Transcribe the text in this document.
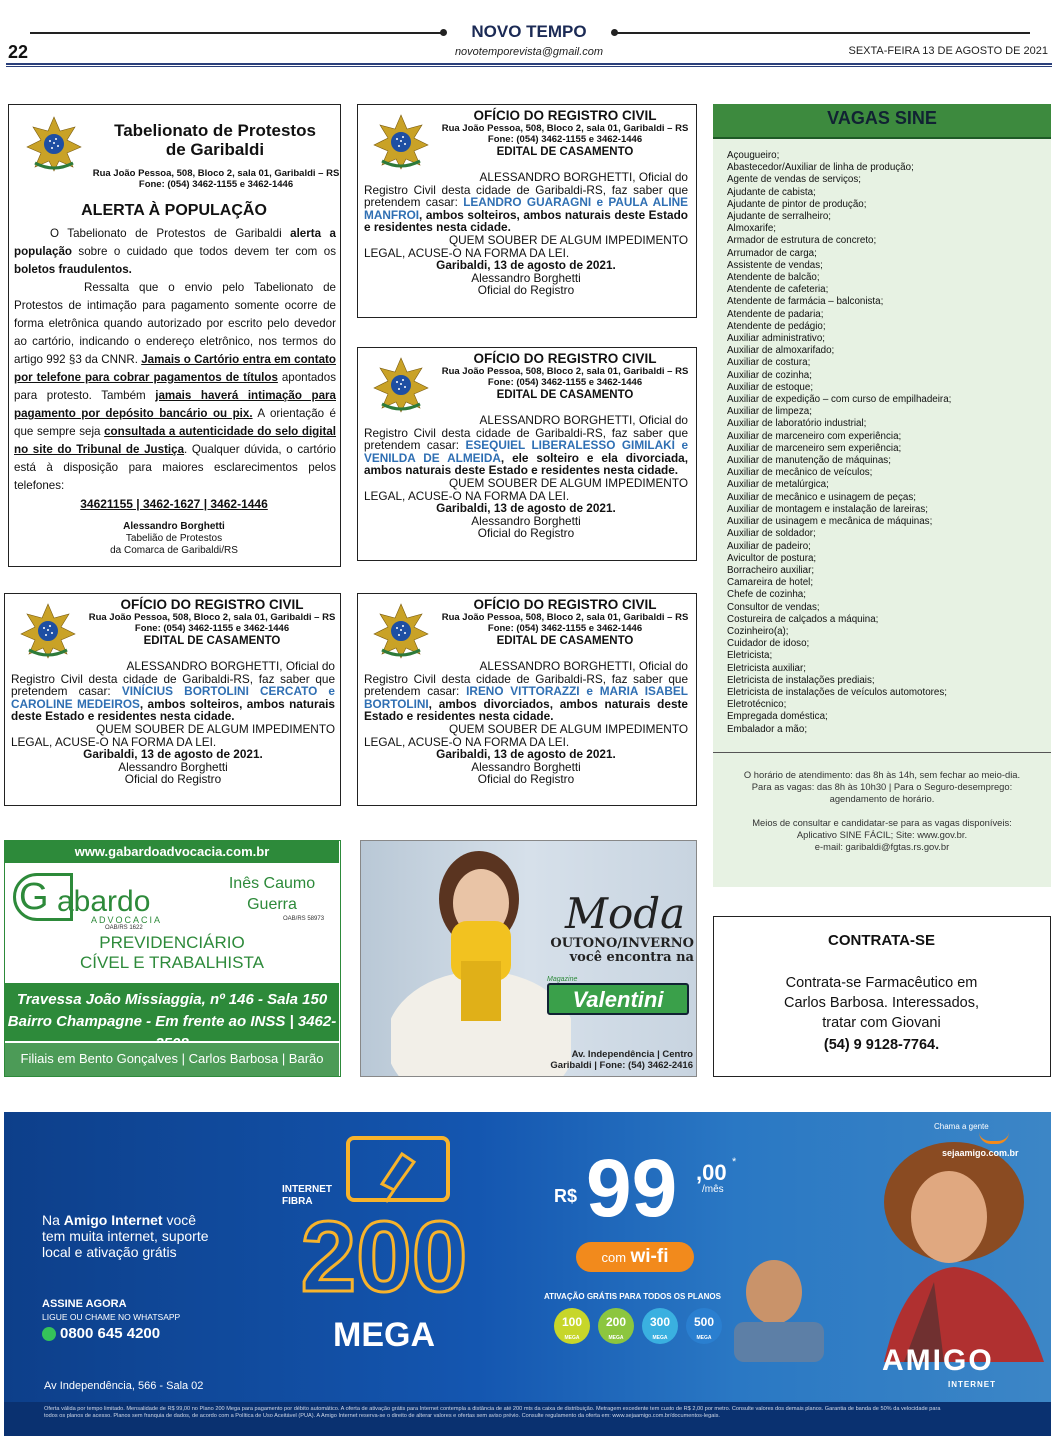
NOVO TEMPO
novotemporevista@gmail.com
22	SEXTA-FEIRA 13 DE AGOSTO DE 2021
Tabelionato de Protestos
de Garibaldi
Rua João Pessoa, 508, Bloco 2, sala 01, Garibaldi – RS
Fone: (054) 3462-1155 e 3462-1446
ALERTA À POPULAÇÃO

O Tabelionato de Protestos de Garibaldi alerta a população sobre o cuidado que todos devem ter com os boletos fraudulentos.

Ressalta que o envio pelo Tabelionato de Protestos de intimação para pagamento somente ocorre de forma eletrônica quando autorizado por escrito pelo devedor ao cartório, indicando o endereço eletrônico, nos termos do artigo 992 §3 da CNNR. Jamais o Cartório entra em contato por telefone para cobrar pagamentos de títulos apontados para protesto. Também jamais haverá intimação para pagamento por depósito bancário ou pix. A orientação é que sempre seja consultada a autenticidade do selo digital no site do Tribunal de Justiça. Qualquer dúvida, o cartório está à disposição para maiores esclarecimentos pelos telefones:

34621155 | 3462-1627 | 3462-1446
Alessandro Borghetti
Tabelião de Protestos
da Comarca de Garibaldi/RS
OFÍCIO DO REGISTRO CIVIL
Rua João Pessoa, 508, Bloco 2, sala 01, Garibaldi – RS
Fone: (054) 3462-1155 e 3462-1446
EDITAL DE CASAMENTO

ALESSANDRO BORGHETTI, Oficial do

Registro Civil desta cidade de Garibaldi-RS, faz saber que pretendem casar: LEANDRO GUARAGNI e PAULA ALINE MANFROI, ambos solteiros, ambos naturais deste Estado e residentes nesta cidade.

QUEM SOUBER DE ALGUM IMPEDIMENTO

LEGAL, ACUSE-O NA FORMA DA LEI.

Garibaldi, 13 de agosto de 2021.

Alessandro Borghetti

Oficial do Registro

OFÍCIO DO REGISTRO CIVIL
Rua João Pessoa, 508, Bloco 2, sala 01, Garibaldi – RS
Fone: (054) 3462-1155 e 3462-1446
EDITAL DE CASAMENTO

ALESSANDRO BORGHETTI, Oficial do

Registro Civil desta cidade de Garibaldi-RS, faz saber que pretendem casar: ESEQUIEL LIBERALESSO GIMILAKI e VENILDA DE ALMEIDA, ele solteiro e ela divorciada, ambos naturais deste Estado e residentes nesta cidade.

QUEM SOUBER DE ALGUM IMPEDIMENTO

LEGAL, ACUSE-O NA FORMA DA LEI.

Garibaldi, 13 de agosto de 2021.

Alessandro Borghetti

Oficial do Registro

OFÍCIO DO REGISTRO CIVIL
Rua João Pessoa, 508, Bloco 2, sala 01, Garibaldi – RS
Fone: (054) 3462-1155 e 3462-1446
EDITAL DE CASAMENTO

ALESSANDRO BORGHETTI, Oficial do

Registro Civil desta cidade de Garibaldi-RS, faz saber que pretendem casar: VINÍCIUS BORTOLINI CERCATO e CAROLINE MEDEIROS, ambos solteiros, ambos naturais deste Estado e residentes nesta cidade.

QUEM SOUBER DE ALGUM IMPEDIMENTO

LEGAL, ACUSE-O NA FORMA DA LEI.

Garibaldi, 13 de agosto de 2021.

Alessandro Borghetti

Oficial do Registro

OFÍCIO DO REGISTRO CIVIL
Rua João Pessoa, 508, Bloco 2, sala 01, Garibaldi – RS
Fone: (054) 3462-1155 e 3462-1446
EDITAL DE CASAMENTO

ALESSANDRO BORGHETTI, Oficial do

Registro Civil desta cidade de Garibaldi-RS, faz saber que pretendem casar: IRENO VITTORAZZI e MARIA ISABEL BORTOLINI, ambos divorciados, ambos naturais deste Estado e residentes nesta cidade.

QUEM SOUBER DE ALGUM IMPEDIMENTO

LEGAL, ACUSE-O NA FORMA DA LEI.

Garibaldi, 13 de agosto de 2021.

Alessandro Borghetti

Oficial do Registro

VAGAS SINE
Açougueiro;
Abastecedor/Auxiliar de linha de produção;
Agente de vendas de serviços;
Ajudante de cabista;
Ajudante de pintor de produção;
Ajudante de serralheiro;
Almoxarife;
Armador de estrutura de concreto;
Arrumador de carga;
Assistente de vendas;
Atendente de balcão;
Atendente de cafeteria;
Atendente de farmácia – balconista;
Atendente de padaria;
Atendente de pedágio;
Auxiliar administrativo;
Auxiliar de almoxarifado;
Auxiliar de costura;
Auxiliar de cozinha;
Auxiliar de estoque;
Auxiliar de expedição – com curso de empilhadeira;
Auxiliar de limpeza;
Auxiliar de laboratório industrial;
Auxiliar de marceneiro com experiência;
Auxiliar de marceneiro sem experiência;
Auxiliar de manutenção de máquinas;
Auxiliar de mecânico de veículos;
Auxiliar de metalúrgica;
Auxiliar de mecânico e usinagem de peças;
Auxiliar de montagem e instalação de lareiras;
Auxiliar de usinagem e mecânica de máquinas;
Auxiliar de soldador;
Auxiliar de padeiro;
Avicultor de postura;
Borracheiro auxiliar;
Camareira de hotel;
Chefe de cozinha;
Consultor de vendas;
Costureira de calçados a máquina;
Cozinheiro(a);
Cuidador de idoso;
Eletricista;
Eletricista auxiliar;
Eletricista de instalações prediais;
Eletricista de instalações de veículos automotores;
Eletrotécnico;
Empregada doméstica;
Embalador a mão;
O horário de atendimento: das 8h às 14h, sem fechar ao meio-dia.
Para as vagas: das 8h às 10h30 | Para o Seguro-desemprego:
agendamento de horário.
Meios de consultar e candidatar-se para as vagas disponíveis:
Aplicativo SINE FÁCIL; Site: www.gov.br.
e-mail: garibaldi@fgtas.rs.gov.br
www.gabardoadvocacia.com.br
G abardo
ADVOCACIA
OAB/RS 1622
Inês Caumo
Guerra
OAB/RS 58973
PREVIDENCIÁRIO
CÍVEL E TRABALHISTA
Travessa João Missiaggia, nº 146 - Sala 150
Bairro Champagne - Em frente ao INSS | 3462-
Filiais em Bento Gonçalves | Carlos Barbosa | Barão
Moda
OUTONO/INVERNO
você encontra na
Magazine
Valentini
Av. Independência | Centro
Garibaldi | Fone: (54) 3462-2416
CONTRATA-SE
Contrata-se Farmacêutico em
Carlos Barbosa. Interessados,
tratar com Giovani
(54) 9 9128-7764.
Na Amigo Internet você
tem muita internet, suporte
local e ativação grátis
ASSINE AGORA
LIGUE OU CHAME NO WHATSAPP
0800 645 4200
Av Independência, 566 - Sala 02
INTERNET
FIBRA
200
MEGA
R$ 99 ,00 *
/mês
com wi-fi
ATIVAÇÃO GRÁTIS PARA TODOS OS PLANOS
100
MEGA
200
MEGA
300
MEGA
500
MEGA
Chama a gente
sejaamigo.com.br
AMIGO
INTERNET
Oferta válida por tempo limitado. Mensalidade de R$ 99,00 no Plano 200 Mega para pagamento por débito automático. A oferta de ativação grátis para Internet contempla a distância de até 200 mts da caixa de distribuição. Metragem excedente tem custo de R$ 2,00 por metro. Consulte valores dos demais planos. Garantia de banda de 50% da velocidade para
todos os planos de acesso. Planos sem franquia de dados, de acordo com a Política de Uso Aceitável (PUA). A Amigo Internet reserva-se o direito de alterar valores e ofertas sem aviso prévio. Consulte regulamento da oferta em: www.sejaamigo.com.br/documentos-legais.
